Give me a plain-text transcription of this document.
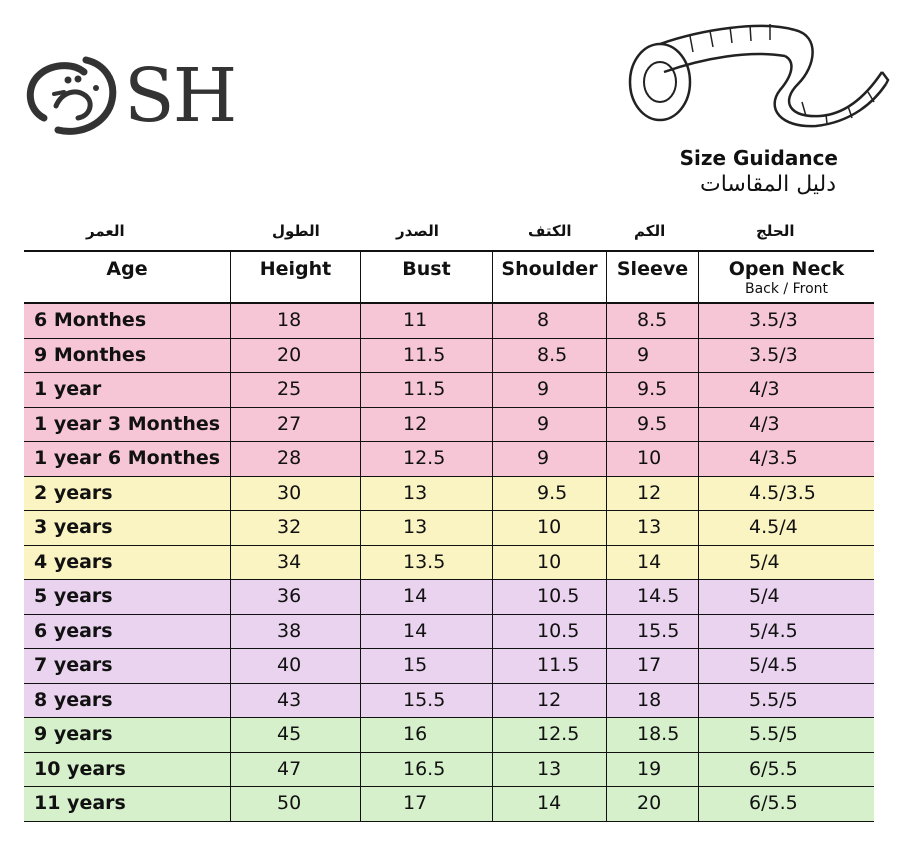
SH
Size Guidance
دليل المقاسات
العمر	الطول	الصدر	الكتف	الكم	الحلج
Age	Height	Bust	Shoulder	Sleeve	Open Neck
Back / Front
6 Monthes	18	11	8	8.5	3.5/3
9 Monthes	20	11.5	8.5	9	3.5/3
1 year	25	11.5	9	9.5	4/3
1 year 3 Monthes	27	12	9	9.5	4/3
1 year 6 Monthes	28	12.5	9	10	4/3.5
2 years	30	13	9.5	12	4.5/3.5
3 years	32	13	10	13	4.5/4
4 years	34	13.5	10	14	5/4
5 years	36	14	10.5	14.5	5/4
6 years	38	14	10.5	15.5	5/4.5
7 years	40	15	11.5	17	5/4.5
8 years	43	15.5	12	18	5.5/5
9 years	45	16	12.5	18.5	5.5/5
10 years	47	16.5	13	19	6/5.5
11 years	50	17	14	20	6/5.5
